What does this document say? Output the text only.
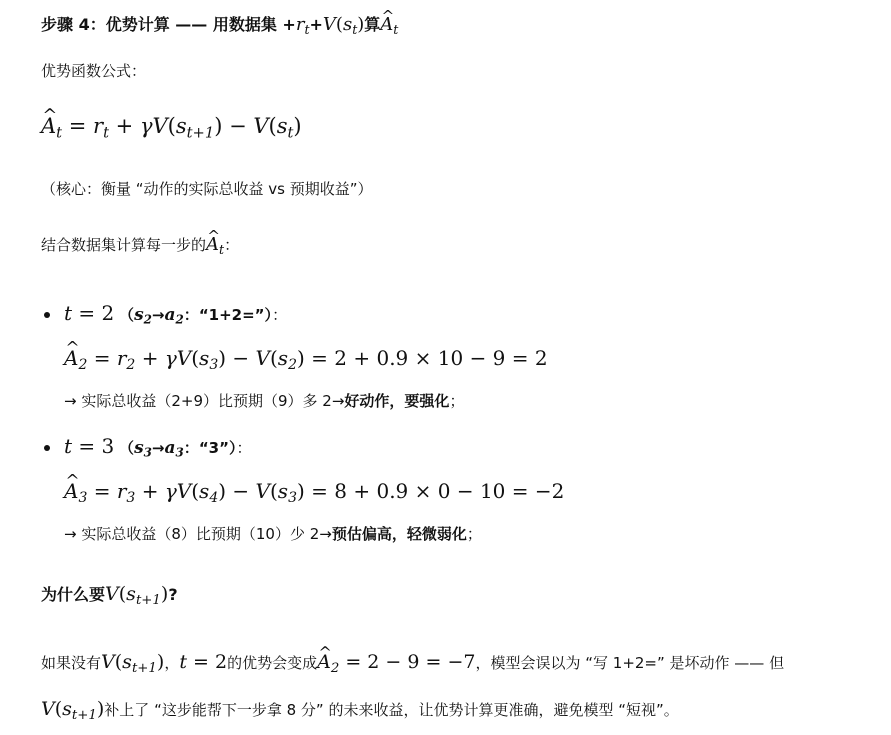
步骤 4：优势计算 —— 用数据集 $+r_t+V(s_t)$算^ $A_t$
优势函数公式：
^ $A_t = r_t + \gamma V(s_{t+1}) - V(s_t)$
（核心：衡量 “动作的实际总收益 vs 预期收益”）
结合数据集计算每一步的^ $A_t$：
t = 2 （$s_2\to a_2$：“1+2=”）：
^ $A_2 = r_2 + \gamma V(s_3) - V(s_2) = 2 + 0.9 \times 10 - 9 = 2$
→ 实际总收益（2+9）比预期（9）多 2→好动作，要强化；
t = 3 （$s_3\to a_3$：“3”）：
^ $A_3 = r_3 + \gamma V(s_4) - V(s_3) = 8 + 0.9 \times 0 - 10 = -2$
→ 实际总收益（8）比预期（10）少 2→预估偏高，轻微弱化；
为什么要$V(s_{t+1})$?
如果没有$V(s_{t+1})$，t = 2的优势会变成^ $A_2 = 2 - 9 = -7$，模型会误以为 “写 1+2=” 是坏动作 —— 但
$V(s_{t+1})$补上了 “这步能帮下一步拿 8 分” 的未来收益，让优势计算更准确，避免模型 “短视”。
